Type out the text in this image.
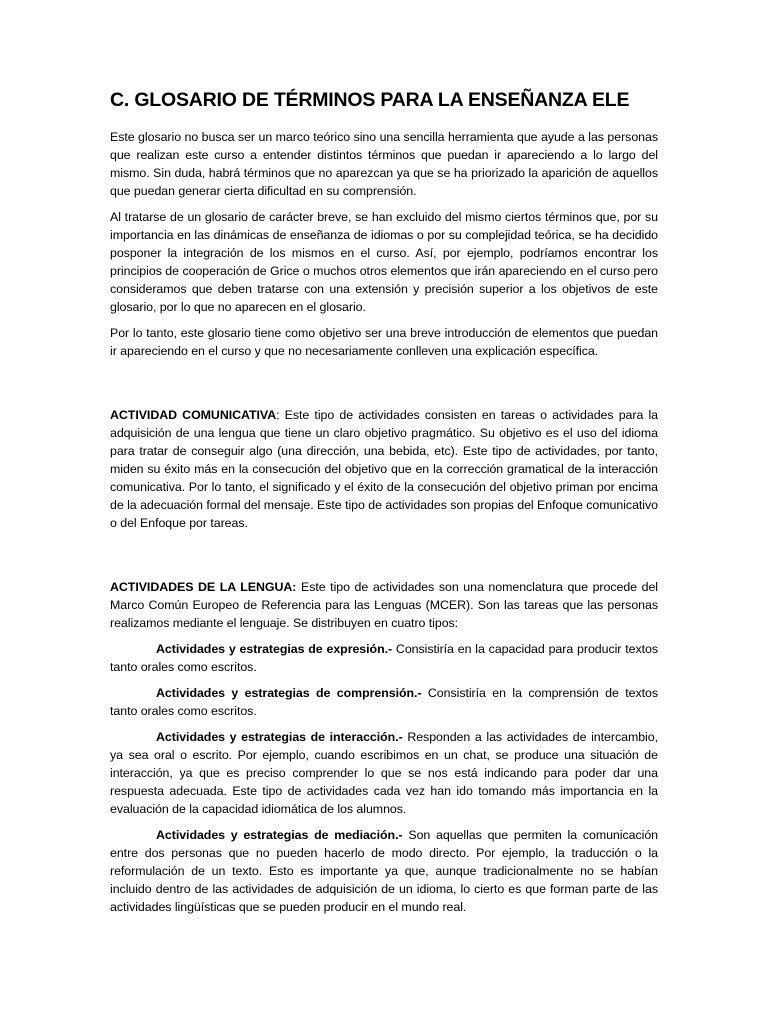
C. GLOSARIO DE TÉRMINOS PARA LA ENSEÑANZA ELE

Este glosario no busca ser un marco teórico sino una sencilla herramienta que ayude a las personas que realizan este curso a entender distintos términos que puedan ir apareciendo a lo largo del mismo. Sin duda, habrá términos que no aparezcan ya que se ha priorizado la aparición de aquellos que puedan generar cierta dificultad en su comprensión.

Al tratarse de un glosario de carácter breve, se han excluido del mismo ciertos términos que, por su importancia en las dinámicas de enseñanza de idiomas o por su complejidad teórica, se ha decidido posponer la integración de los mismos en el curso. Así, por ejemplo, podríamos encontrar los principios de cooperación de Grice o muchos otros elementos que irán apareciendo en el curso pero consideramos que deben tratarse con una extensión y precisión superior a los objetivos de este glosario, por lo que no aparecen en el glosario.

Por lo tanto, este glosario tiene como objetivo ser una breve introducción de elementos que puedan ir apareciendo en el curso y que no necesariamente conlleven una explicación específica.

ACTIVIDAD COMUNICATIVA: Este tipo de actividades consisten en tareas o actividades para la adquisición de una lengua que tiene un claro objetivo pragmático. Su objetivo es el uso del idioma para tratar de conseguir algo (una dirección, una bebida, etc). Este tipo de actividades, por tanto, miden su éxito más en la consecución del objetivo que en la corrección gramatical de la interacción comunicativa. Por lo tanto, el significado y el éxito de la consecución del objetivo priman por encima de la adecuación formal del mensaje. Este tipo de actividades son propias del Enfoque comunicativo o del Enfoque por tareas.

ACTIVIDADES DE LA LENGUA: Este tipo de actividades son una nomenclatura que procede del Marco Común Europeo de Referencia para las Lenguas (MCER). Son las tareas que las personas realizamos mediante el lenguaje. Se distribuyen en cuatro tipos:

Actividades y estrategias de expresión.- Consistiría en la capacidad para producir textos tanto orales como escritos.

Actividades y estrategias de comprensión.- Consistiría en la comprensión de textos tanto orales como escritos.

Actividades y estrategias de interacción.- Responden a las actividades de intercambio, ya sea oral o escrito. Por ejemplo, cuando escribimos en un chat, se produce una situación de interacción, ya que es preciso comprender lo que se nos está indicando para poder dar una respuesta adecuada. Este tipo de actividades cada vez han ido tomando más importancia en la evaluación de la capacidad idiomática de los alumnos.

Actividades y estrategias de mediación.- Son aquellas que permiten la comunicación entre dos personas que no pueden hacerlo de modo directo. Por ejemplo, la traducción o la reformulación de un texto. Esto es importante ya que, aunque tradicionalmente no se habían incluido dentro de las actividades de adquisición de un idioma, lo cierto es que forman parte de las actividades lingüísticas que se pueden producir en el mundo real.
